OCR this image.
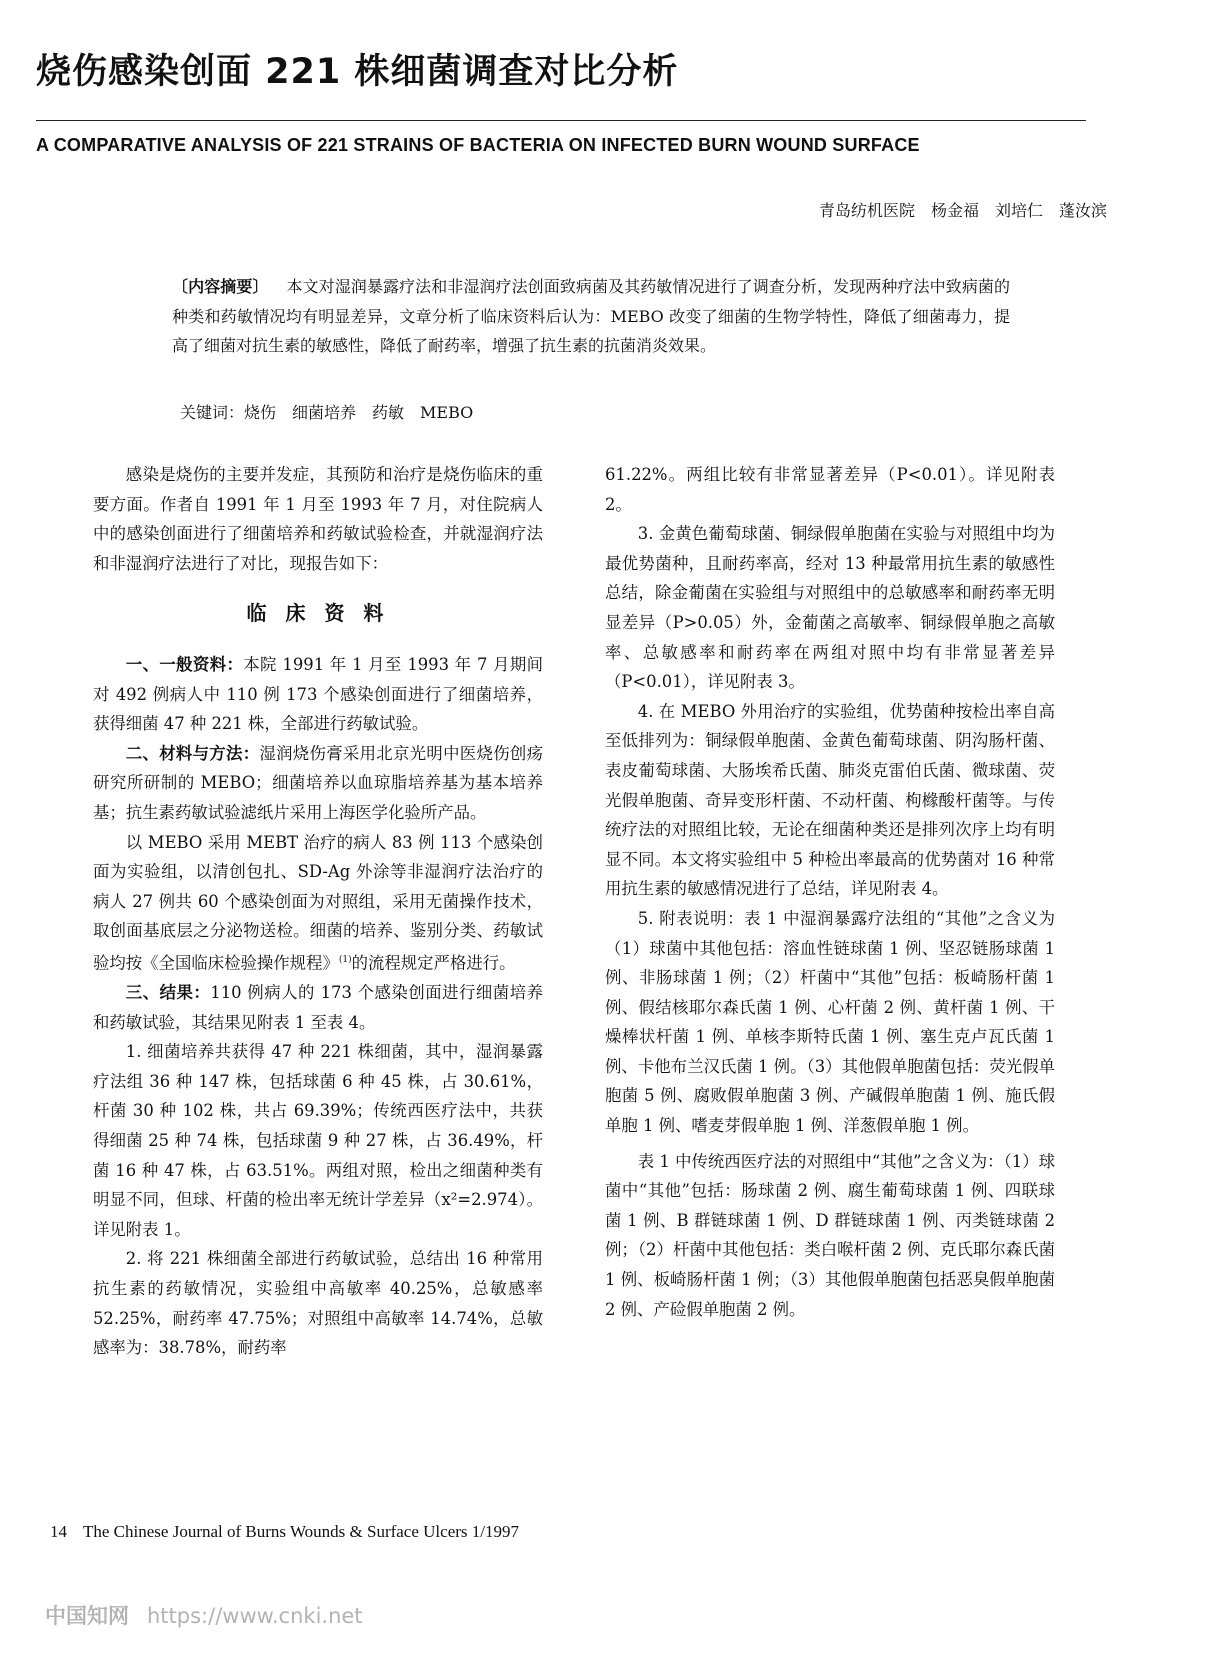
烧伤感染创面 221 株细菌调查对比分析
A COMPARATIVE ANALYSIS OF 221 STRAINS OF BACTERIA ON INFECTED BURN WOUND SURFACE
青岛纺机医院　杨金福　刘培仁　蓬汝滨
〔内容摘要〕 本文对湿润暴露疗法和非湿润疗法创面致病菌及其药敏情况进行了调查分析，发现两种疗法中致病菌的种类和药敏情况均有明显差异，文章分析了临床资料后认为：MEBO 改变了细菌的生物学特性，降低了细菌毒力，提高了细菌对抗生素的敏感性，降低了耐药率，增强了抗生素的抗菌消炎效果。
关键词：烧伤　细菌培养　药敏　MEBO

感染是烧伤的主要并发症，其预防和治疗是烧伤临床的重要方面。作者自 1991 年 1 月至 1993 年 7 月，对住院病人中的感染创面进行了细菌培养和药敏试验检查，并就湿润疗法和非湿润疗法进行了对比，现报告如下：

临 床 资 料

一、一般资料：本院 1991 年 1 月至 1993 年 7 月期间对 492 例病人中 110 例 173 个感染创面进行了细菌培养，获得细菌 47 种 221 株，全部进行药敏试验。

二、材料与方法：湿润烧伤膏采用北京光明中医烧伤创疡研究所研制的 MEBO；细菌培养以血琼脂培养基为基本培养基；抗生素药敏试验滤纸片采用上海医学化验所产品。

以 MEBO 采用 MEBT 治疗的病人 83 例 113 个感染创面为实验组，以清创包扎、SD-Ag 外涂等非湿润疗法治疗的病人 27 例共 60 个感染创面为对照组，采用无菌操作技术，取创面基底层之分泌物送检。细菌的培养、鉴别分类、药敏试验均按《全国临床检验操作规程》$^{(1)}$的流程规定严格进行。

三、结果：110 例病人的 173 个感染创面进行细菌培养和药敏试验，其结果见附表 1 至表 4。

1. 细菌培养共获得 47 种 221 株细菌，其中，湿润暴露疗法组 36 种 147 株，包括球菌 6 种 45 株，占 30.61%，杆菌 30 种 102 株，共占 69.39%；传统西医疗法中，共获得细菌 25 种 74 株，包括球菌 9 种 27 株，占 36.49%，杆菌 16 种 47 株，占 63.51%。两组对照，检出之细菌种类有明显不同，但球、杆菌的检出率无统计学差异（x²=2.974）。详见附表 1。

2. 将 221 株细菌全部进行药敏试验，总结出 16 种常用抗生素的药敏情况，实验组中高敏率 40.25%，总敏感率 52.25%，耐药率 47.75%；对照组中高敏率 14.74%，总敏感率为：38.78%，耐药率

61.22%。两组比较有非常显著差异（P<0.01）。详见附表 2。

3. 金黄色葡萄球菌、铜绿假单胞菌在实验与对照组中均为最优势菌种，且耐药率高，经对 13 种最常用抗生素的敏感性总结，除金葡菌在实验组与对照组中的总敏感率和耐药率无明显差异（P>0.05）外，金葡菌之高敏率、铜绿假单胞之高敏率、总敏感率和耐药率在两组对照中均有非常显著差异（P<0.01），详见附表 3。

4. 在 MEBO 外用治疗的实验组，优势菌种按检出率自高至低排列为：铜绿假单胞菌、金黄色葡萄球菌、阴沟肠杆菌、表皮葡萄球菌、大肠埃希氏菌、肺炎克雷伯氏菌、微球菌、荧光假单胞菌、奇异变形杆菌、不动杆菌、枸橼酸杆菌等。与传统疗法的对照组比较，无论在细菌种类还是排列次序上均有明显不同。本文将实验组中 5 种检出率最高的优势菌对 16 种常用抗生素的敏感情况进行了总结，详见附表 4。

5. 附表说明：表 1 中湿润暴露疗法组的“其他”之含义为（1）球菌中其他包括：溶血性链球菌 1 例、坚忍链肠球菌 1 例、非肠球菌 1 例；（2）杆菌中“其他”包括：板崎肠杆菌 1 例、假结核耶尔森氏菌 1 例、心杆菌 2 例、黄杆菌 1 例、干燥棒状杆菌 1 例、单核李斯特氏菌 1 例、塞生克卢瓦氏菌 1 例、卡他布兰汉氏菌 1 例。（3）其他假单胞菌包括：荧光假单胞菌 5 例、腐败假单胞菌 3 例、产碱假单胞菌 1 例、施氏假单胞 1 例、嗜麦芽假单胞 1 例、洋葱假单胞 1 例。

表 1 中传统西医疗法的对照组中“其他”之含义为：（1）球菌中“其他”包括：肠球菌 2 例、腐生葡萄球菌 1 例、四联球菌 1 例、B 群链球菌 1 例、D 群链球菌 1 例、丙类链球菌 2 例；（2）杆菌中其他包括：类白喉杆菌 2 例、克氏耶尔森氏菌 1 例、板崎肠杆菌 1 例；（3）其他假单胞菌包括恶臭假单胞菌 2 例、产硷假单胞菌 2 例。

14 The Chinese Journal of Burns Wounds & Surface Ulcers 1/1997
中国知网 https://www.cnki.net
